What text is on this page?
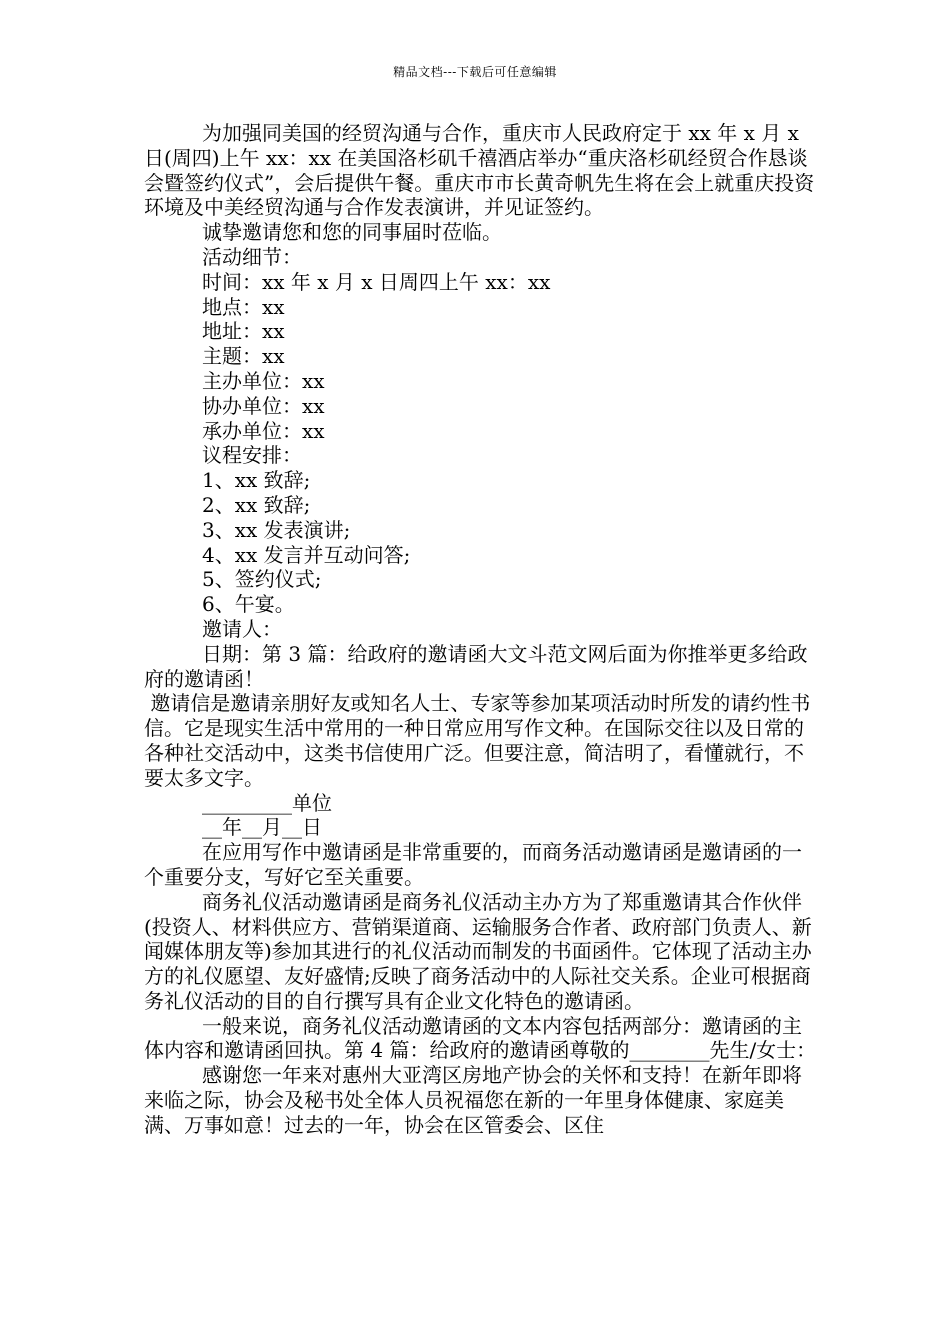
精品文档---下载后可任意编辑

为加强同美国的经贸沟通与合作，重庆市人民政府定于 xx 年 x 月 x 日(周四)上午 xx：xx 在美国洛杉矶千禧酒店举办“重庆洛杉矶经贸合作恳谈会暨签约仪式”，会后提供午餐。重庆市市长黄奇帆先生将在会上就重庆投资环境及中美经贸沟通与合作发表演讲，并见证签约。

诚挚邀请您和您的同事届时莅临。

活动细节：

时间：xx 年 x 月 x 日周四上午 xx：xx

地点：xx

地址：xx

主题：xx

主办单位：xx

协办单位：xx

承办单位：xx

议程安排：

1、xx 致辞;

2、xx 致辞;

3、xx 发表演讲;

4、xx 发言并互动问答;

5、签约仪式;

6、午宴。

邀请人：

日期：第 3 篇：给政府的邀请函大文斗范文网后面为你推举更多给政府的邀请函！

邀请信是邀请亲朋好友或知名人士、专家等参加某项活动时所发的请约性书信。它是现实生活中常用的一种日常应用写作文种。在国际交往以及日常的各种社交活动中，这类书信使用广泛。但要注意，简洁明了，看懂就行，不要太多文字。

_________单位

__年__月__日

在应用写作中邀请函是非常重要的，而商务活动邀请函是邀请函的一个重要分支，写好它至关重要。

商务礼仪活动邀请函是商务礼仪活动主办方为了郑重邀请其合作伙伴(投资人、材料供应方、营销渠道商、运输服务合作者、政府部门负责人、新闻媒体朋友等)参加其进行的礼仪活动而制发的书面函件。它体现了活动主办方的礼仪愿望、友好盛情;反映了商务活动中的人际社交关系。企业可根据商务礼仪活动的目的自行撰写具有企业文化特色的邀请函。

一般来说，商务礼仪活动邀请函的文本内容包括两部分：邀请函的主体内容和邀请函回执。第 4 篇：给政府的邀请函尊敬的________先生/女士：

感谢您一年来对惠州大亚湾区房地产协会的关怀和支持！在新年即将来临之际，协会及秘书处全体人员祝福您在新的一年里身体健康、家庭美满、万事如意！过去的一年，协会在区管委会、区住
